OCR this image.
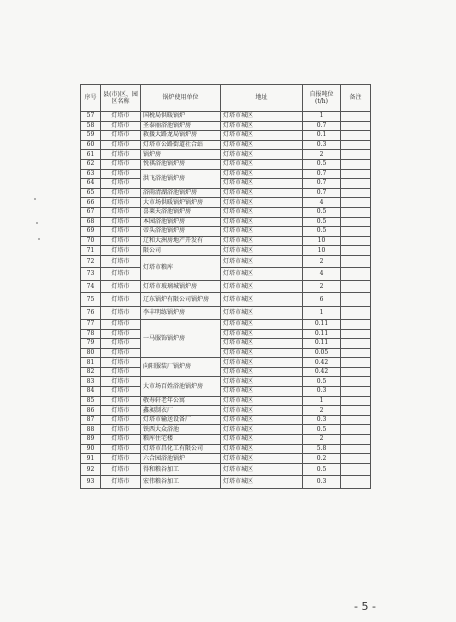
序号	县(市)区、园区名称	锅炉使用单位	地址	自报吨位(t/h)	备注
57	灯塔市	国税局供暖锅炉	灯塔市城区	1	
58	灯塔市	圣泰丽浴池锅炉房	灯塔市城区	0.7	
59	灯塔市	救援大路龙局锅炉房	灯塔市城区	0.1	
60	灯塔市	灯塔市公路街道社合站	灯塔市城区	0.3	
61	灯塔市	锅炉房	灯塔市城区	2	
62	灯塔市	悦祺浴池锅炉房	灯塔市城区	0.5	
63	灯塔市	洪飞浴池锅炉房	灯塔市城区	0.7	
64	灯塔市		灯塔市城区	0.7	
65	灯塔市	浴雨清湖浴池锅炉房	灯塔市城区	0.7	
66	灯塔市	大市场供暖锅炉锅炉房	灯塔市城区	4	
67	灯塔市	喜莱天浴池锅炉房	灯塔市城区	0.5	
68	灯塔市	本园浴池锅炉房	灯塔市城区	0.5	
69	灯塔市	帝头浴池锅炉房	灯塔市城区	0.5	
70	灯塔市	辽和大洲房地产开发有	灯塔市城区	10	
71	灯塔市	限公司	灯塔市城区	10	
72	灯塔市	灯塔市粮库	灯塔市城区	2	
73	灯塔市		灯塔市城区	4	
74	灯塔市	灯塔市玻璃城锅炉房	灯塔市城区	2	
75	灯塔市	辽东锅炉有限公司锅炉房	灯塔市城区	6	
76	灯塔市	李丰明练锅炉房	灯塔市城区	1	
77	灯塔市	一马服饰锅炉房	灯塔市城区	0.11	
78	灯塔市		灯塔市城区	0.11	
79	灯塔市		灯塔市城区	0.11	
80	灯塔市		灯塔市城区	0.05	
81	灯塔市	向阳服装厂锅炉房	灯塔市城区	0.42	
82	灯塔市		灯塔市城区	0.42	
83	灯塔市	大市场百姓浴池锅炉房	灯塔市城区	0.5	
84	灯塔市		灯塔市城区	0.3	
85	灯塔市	敬寿轩老年公寓	灯塔市城区	1	
86	灯塔市	鑫昶制衣厂	灯塔市城区	2	
87	灯塔市	灯塔市输送设备厂	灯塔市城区	0.3	
88	灯塔市	铁西大众浴池	灯塔市城区	0.5	
89	灯塔市	粮库住宅楼	灯塔市城区	2	
90	灯塔市	灯塔市昌化工有限公司	灯塔市城区	5.8	
91	灯塔市	六合园浴池锅炉	灯塔市城区	0.2	
92	灯塔市	得和粮谷加工	灯塔市城区	0.5	
93	灯塔市	宏伟粮谷加工	灯塔市城区	0.3	
- 5 -
